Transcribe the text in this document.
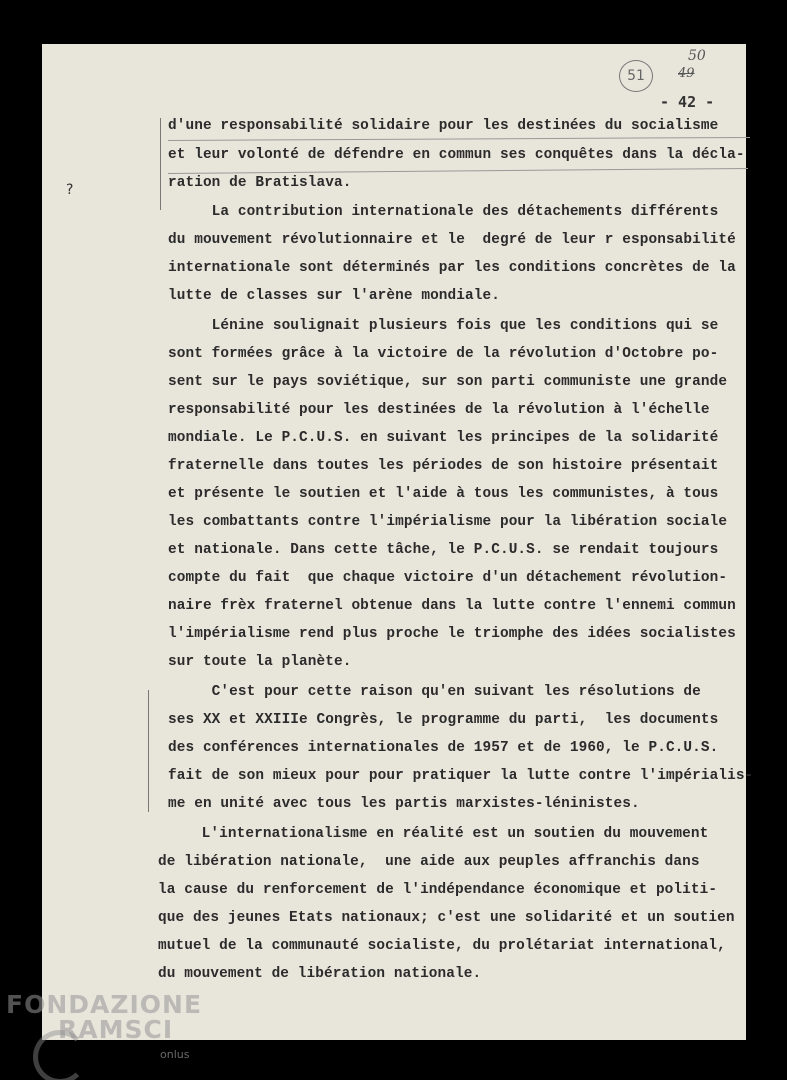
51
50
49
- 42 -
?
d'une responsabilité solidaire pour les destinées du socialisme
et leur volonté de défendre en commun ses conquêtes dans la décla-
ration de Bratislava.
La contribution internationale des détachements différents
du mouvement révolutionnaire et le  degré de leur r esponsabilité
internationale sont déterminés par les conditions concrètes de la
lutte de classes sur l'arène mondiale.
Lénine soulignait plusieurs fois que les conditions qui se
sont formées grâce à la victoire de la révolution d'Octobre po-
sent sur le pays soviétique, sur son parti communiste une grande
responsabilité pour les destinées de la révolution à l'échelle
mondiale. Le P.C.U.S. en suivant les principes de la solidarité
fraternelle dans toutes les périodes de son histoire présentait
et présente le soutien et l'aide à tous les communistes, à tous
les combattants contre l'impérialisme pour la libération sociale
et nationale. Dans cette tâche, le P.C.U.S. se rendait toujours
compte du fait  que chaque victoire d'un détachement révolution-
naire frèx fraternel obtenue dans la lutte contre l'ennemi commun
l'impérialisme rend plus proche le triomphe des idées socialistes
sur toute la planète.
C'est pour cette raison qu'en suivant les résolutions de
ses XX et XXIIIe Congrès, le programme du parti,  les documents
des conférences internationales de 1957 et de 1960, le P.C.U.S.
fait de son mieux pour pour pratiquer la lutte contre l'impérialis-
me en unité avec tous les partis marxistes-léninistes.
L'internationalisme en réalité est un soutien du mouvement
de libération nationale,  une aide aux peuples affranchis dans
la cause du renforcement de l'indépendance économique et politi-
que des jeunes Etats nationaux; c'est une solidarité et un soutien
mutuel de la communauté socialiste, du prolétariat international,
du mouvement de libération nationale.
FONDAZIONE
RAMSCI
onlus
